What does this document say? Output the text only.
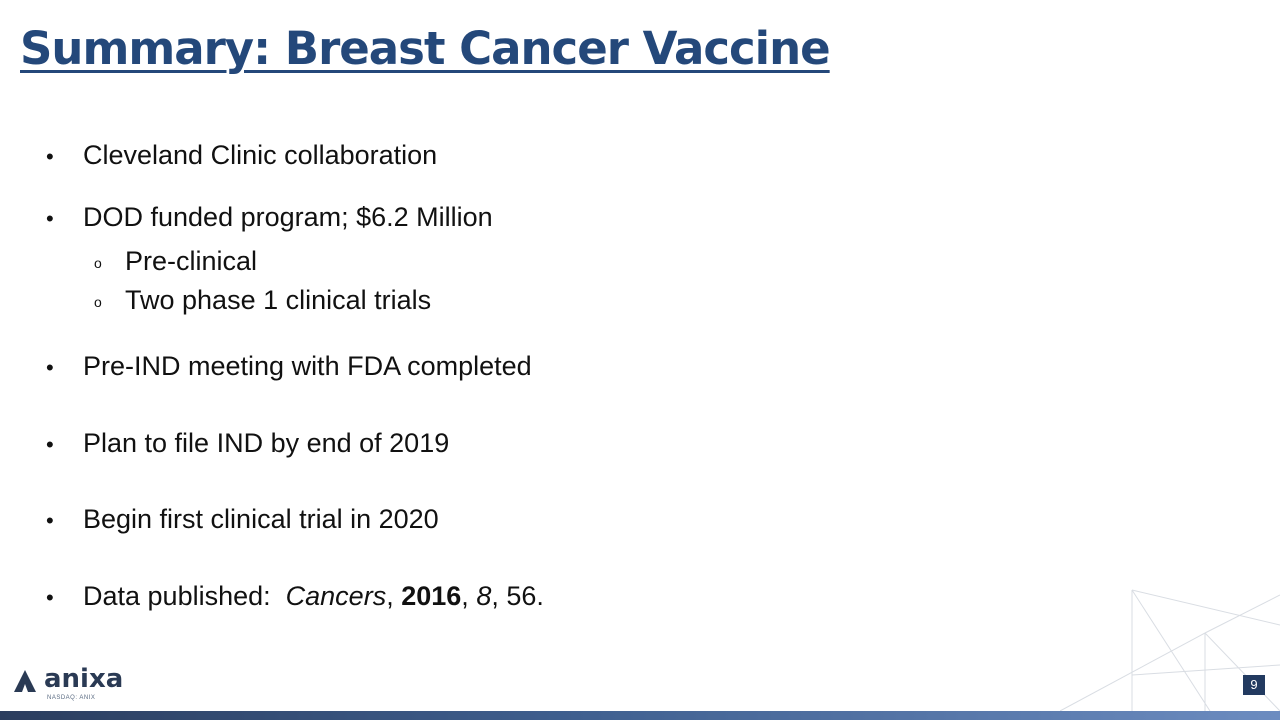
Summary: Breast Cancer Vaccine
• Cleveland Clinic collaboration
• DOD funded program; $6.2 Million
o Pre-clinical
o Two phase 1 clinical trials
• Pre-IND meeting with FDA completed
• Plan to file IND by end of 2019
• Begin first clinical trial in 2020
• Data published: Cancers, 2016, 8, 56.
anixa
NASDAQ: ANIX
9
